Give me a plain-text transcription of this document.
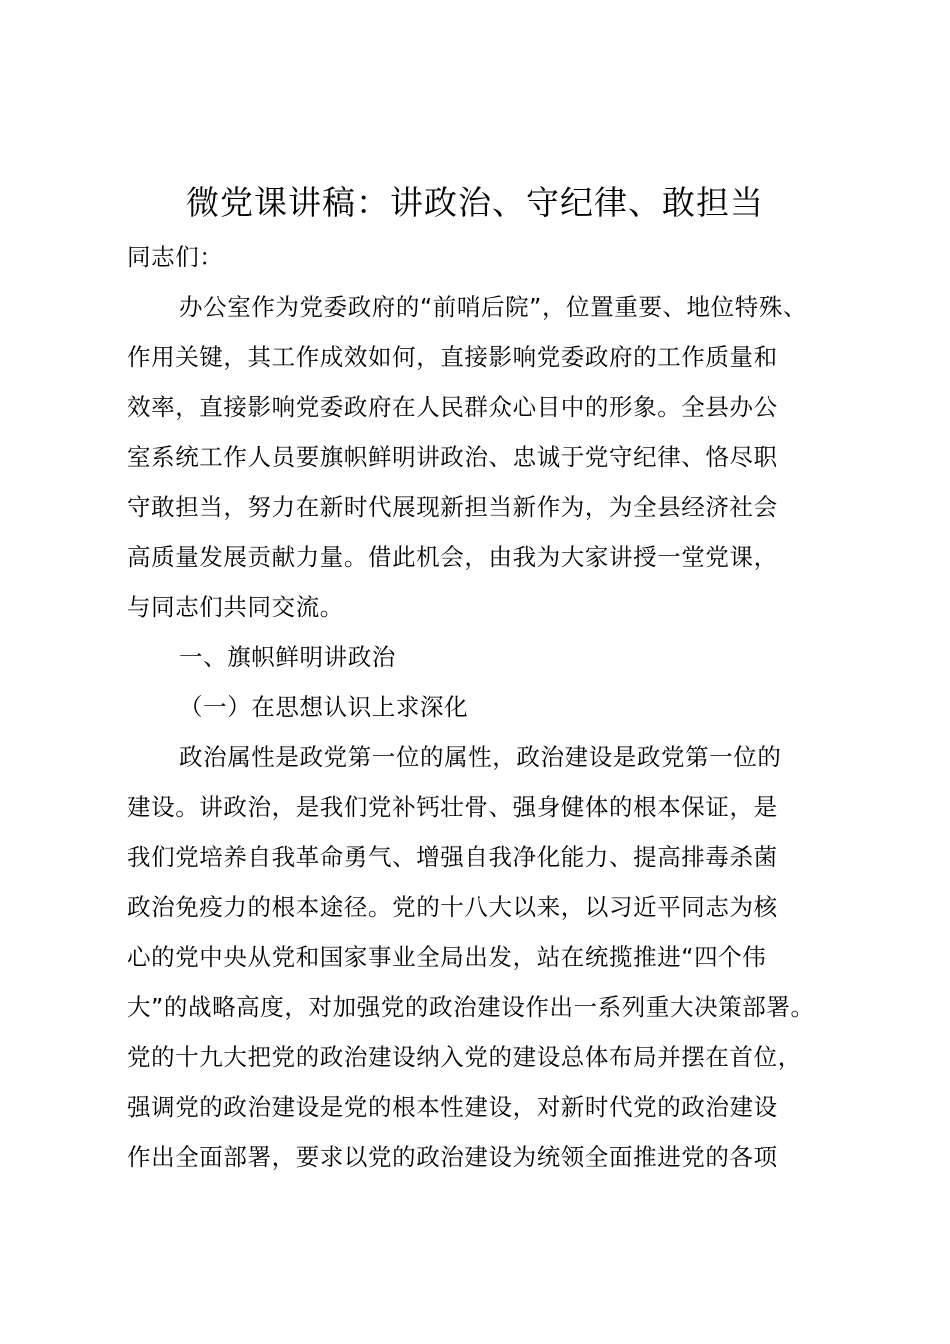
微党课讲稿：讲政治、守纪律、敢担当
同志们：
办公室作为党委政府的“前哨后院”，位置重要、地位特殊、
作用关键，其工作成效如何，直接影响党委政府的工作质量和
效率，直接影响党委政府在人民群众心目中的形象。全县办公
室系统工作人员要旗帜鲜明讲政治、忠诚于党守纪律、恪尽职
守敢担当，努力在新时代展现新担当新作为，为全县经济社会
高质量发展贡献力量。借此机会，由我为大家讲授一堂党课，
与同志们共同交流。
一、旗帜鲜明讲政治
（一）在思想认识上求深化
政治属性是政党第一位的属性，政治建设是政党第一位的
建设。讲政治，是我们党补钙壮骨、强身健体的根本保证，是
我们党培养自我革命勇气、增强自我净化能力、提高排毒杀菌
政治免疫力的根本途径。党的十八大以来，以习近平同志为核
心的党中央从党和国家事业全局出发，站在统揽推进“四个伟
大”的战略高度，对加强党的政治建设作出一系列重大决策部署。
党的十九大把党的政治建设纳入党的建设总体布局并摆在首位，
强调党的政治建设是党的根本性建设，对新时代党的政治建设
作出全面部署，要求以党的政治建设为统领全面推进党的各项
